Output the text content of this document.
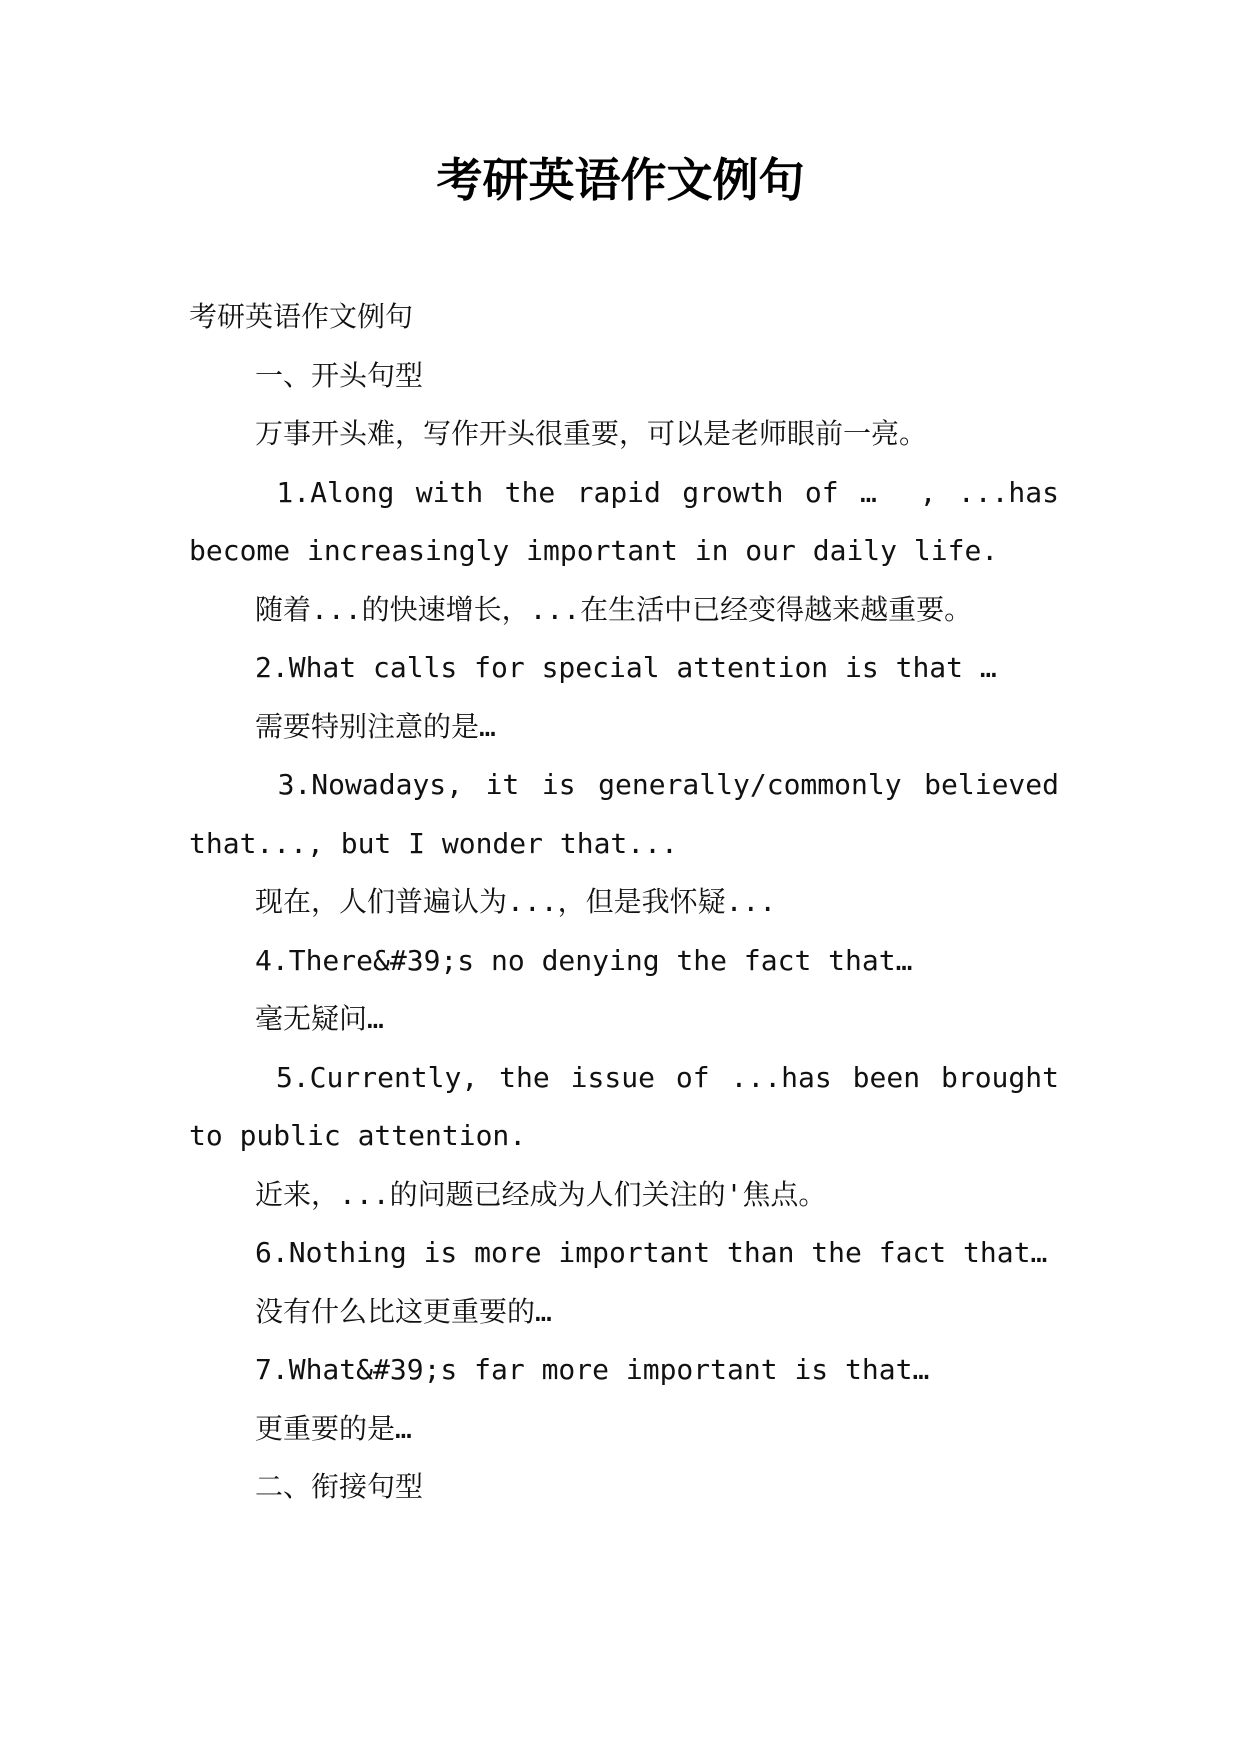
考研英语作文例句

考研英语作文例句

一、开头句型

万事开头难，写作开头很重要，可以是老师眼前一亮。

1.Along with the rapid growth of …  , ...has become increasingly important in our daily life.

随着...的快速增长，...在生活中已经变得越来越重要。

2.What calls for special attention is that …

需要特别注意的是…

3.Nowadays, it is generally/commonly believed that..., but I wonder that...

现在，人们普遍认为...，但是我怀疑...

4.There&#39;s no denying the fact that…

毫无疑问…

5.Currently, the issue of ...has been brought to public attention.

近来，...的问题已经成为人们关注的'焦点。

6.Nothing is more important than the fact that…

没有什么比这更重要的…

7.What&#39;s far more important is that…

更重要的是…

二、衔接句型
